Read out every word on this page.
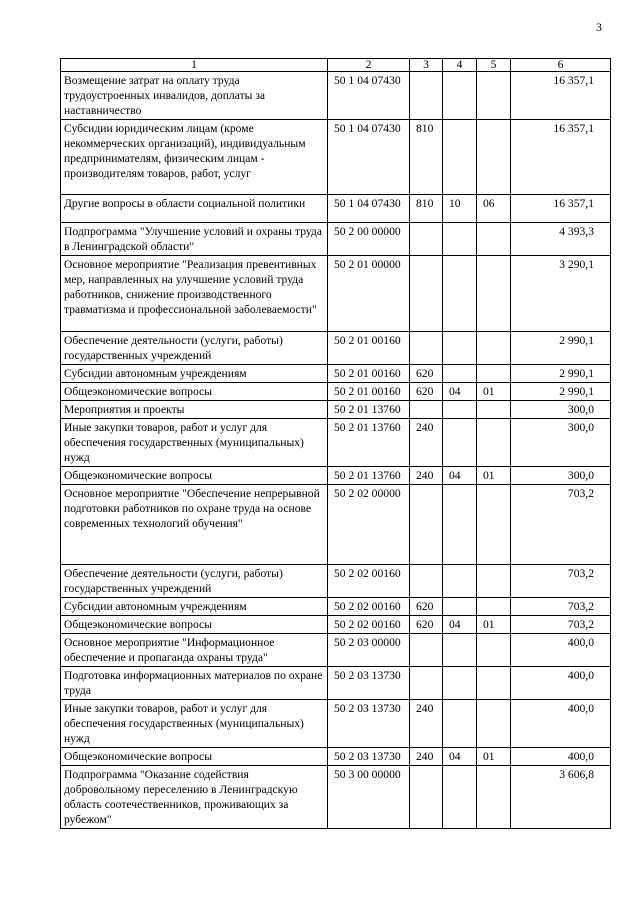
3
1	2	3	4	5	6
Возмещение затрат на оплату труда трудоустроенных инвалидов, доплаты за наставничество	50 1 04 07430				16 357,1
Субсидии юридическим лицам (кроме некоммерческих организаций), индивидуальным предпринимателям, физическим лицам - производителям товаров, работ, услуг	50 1 04 07430	810			16 357,1
Другие вопросы в области социальной политики	50 1 04 07430	810	10	06	16 357,1
Подпрограмма "Улучшение условий и охраны труда в Ленинградской области"	50 2 00 00000				4 393,3
Основное мероприятие "Реализация превентивных мер, направленных на улучшение условий труда работников, снижение производственного травматизма и профессиональной заболеваемости"	50 2 01 00000				3 290,1
Обеспечение деятельности (услуги, работы) государственных учреждений	50 2 01 00160				2 990,1
Субсидии автономным учреждениям	50 2 01 00160	620			2 990,1
Общеэкономические вопросы	50 2 01 00160	620	04	01	2 990,1
Мероприятия и проекты	50 2 01 13760				300,0
Иные закупки товаров, работ и услуг для обеспечения государственных (муниципальных) нужд	50 2 01 13760	240			300,0
Общеэкономические вопросы	50 2 01 13760	240	04	01	300,0
Основное мероприятие "Обеспечение непрерывной подготовки работников по охране труда на основе современных технологий обучения"	50 2 02 00000				703,2
Обеспечение деятельности (услуги, работы) государственных учреждений	50 2 02 00160				703,2
Субсидии автономным учреждениям	50 2 02 00160	620			703,2
Общеэкономические вопросы	50 2 02 00160	620	04	01	703,2
Основное мероприятие "Информационное обеспечение и пропаганда охраны труда"	50 2 03 00000				400,0
Подготовка информационных материалов по охране труда	50 2 03 13730				400,0
Иные закупки товаров, работ и услуг для обеспечения государственных (муниципальных) нужд	50 2 03 13730	240			400,0
Общеэкономические вопросы	50 2 03 13730	240	04	01	400,0
Подпрограмма "Оказание содействия добровольному переселению в Ленинградскую область соотечественников, проживающих за рубежом"	50 3 00 00000				3 606,8
